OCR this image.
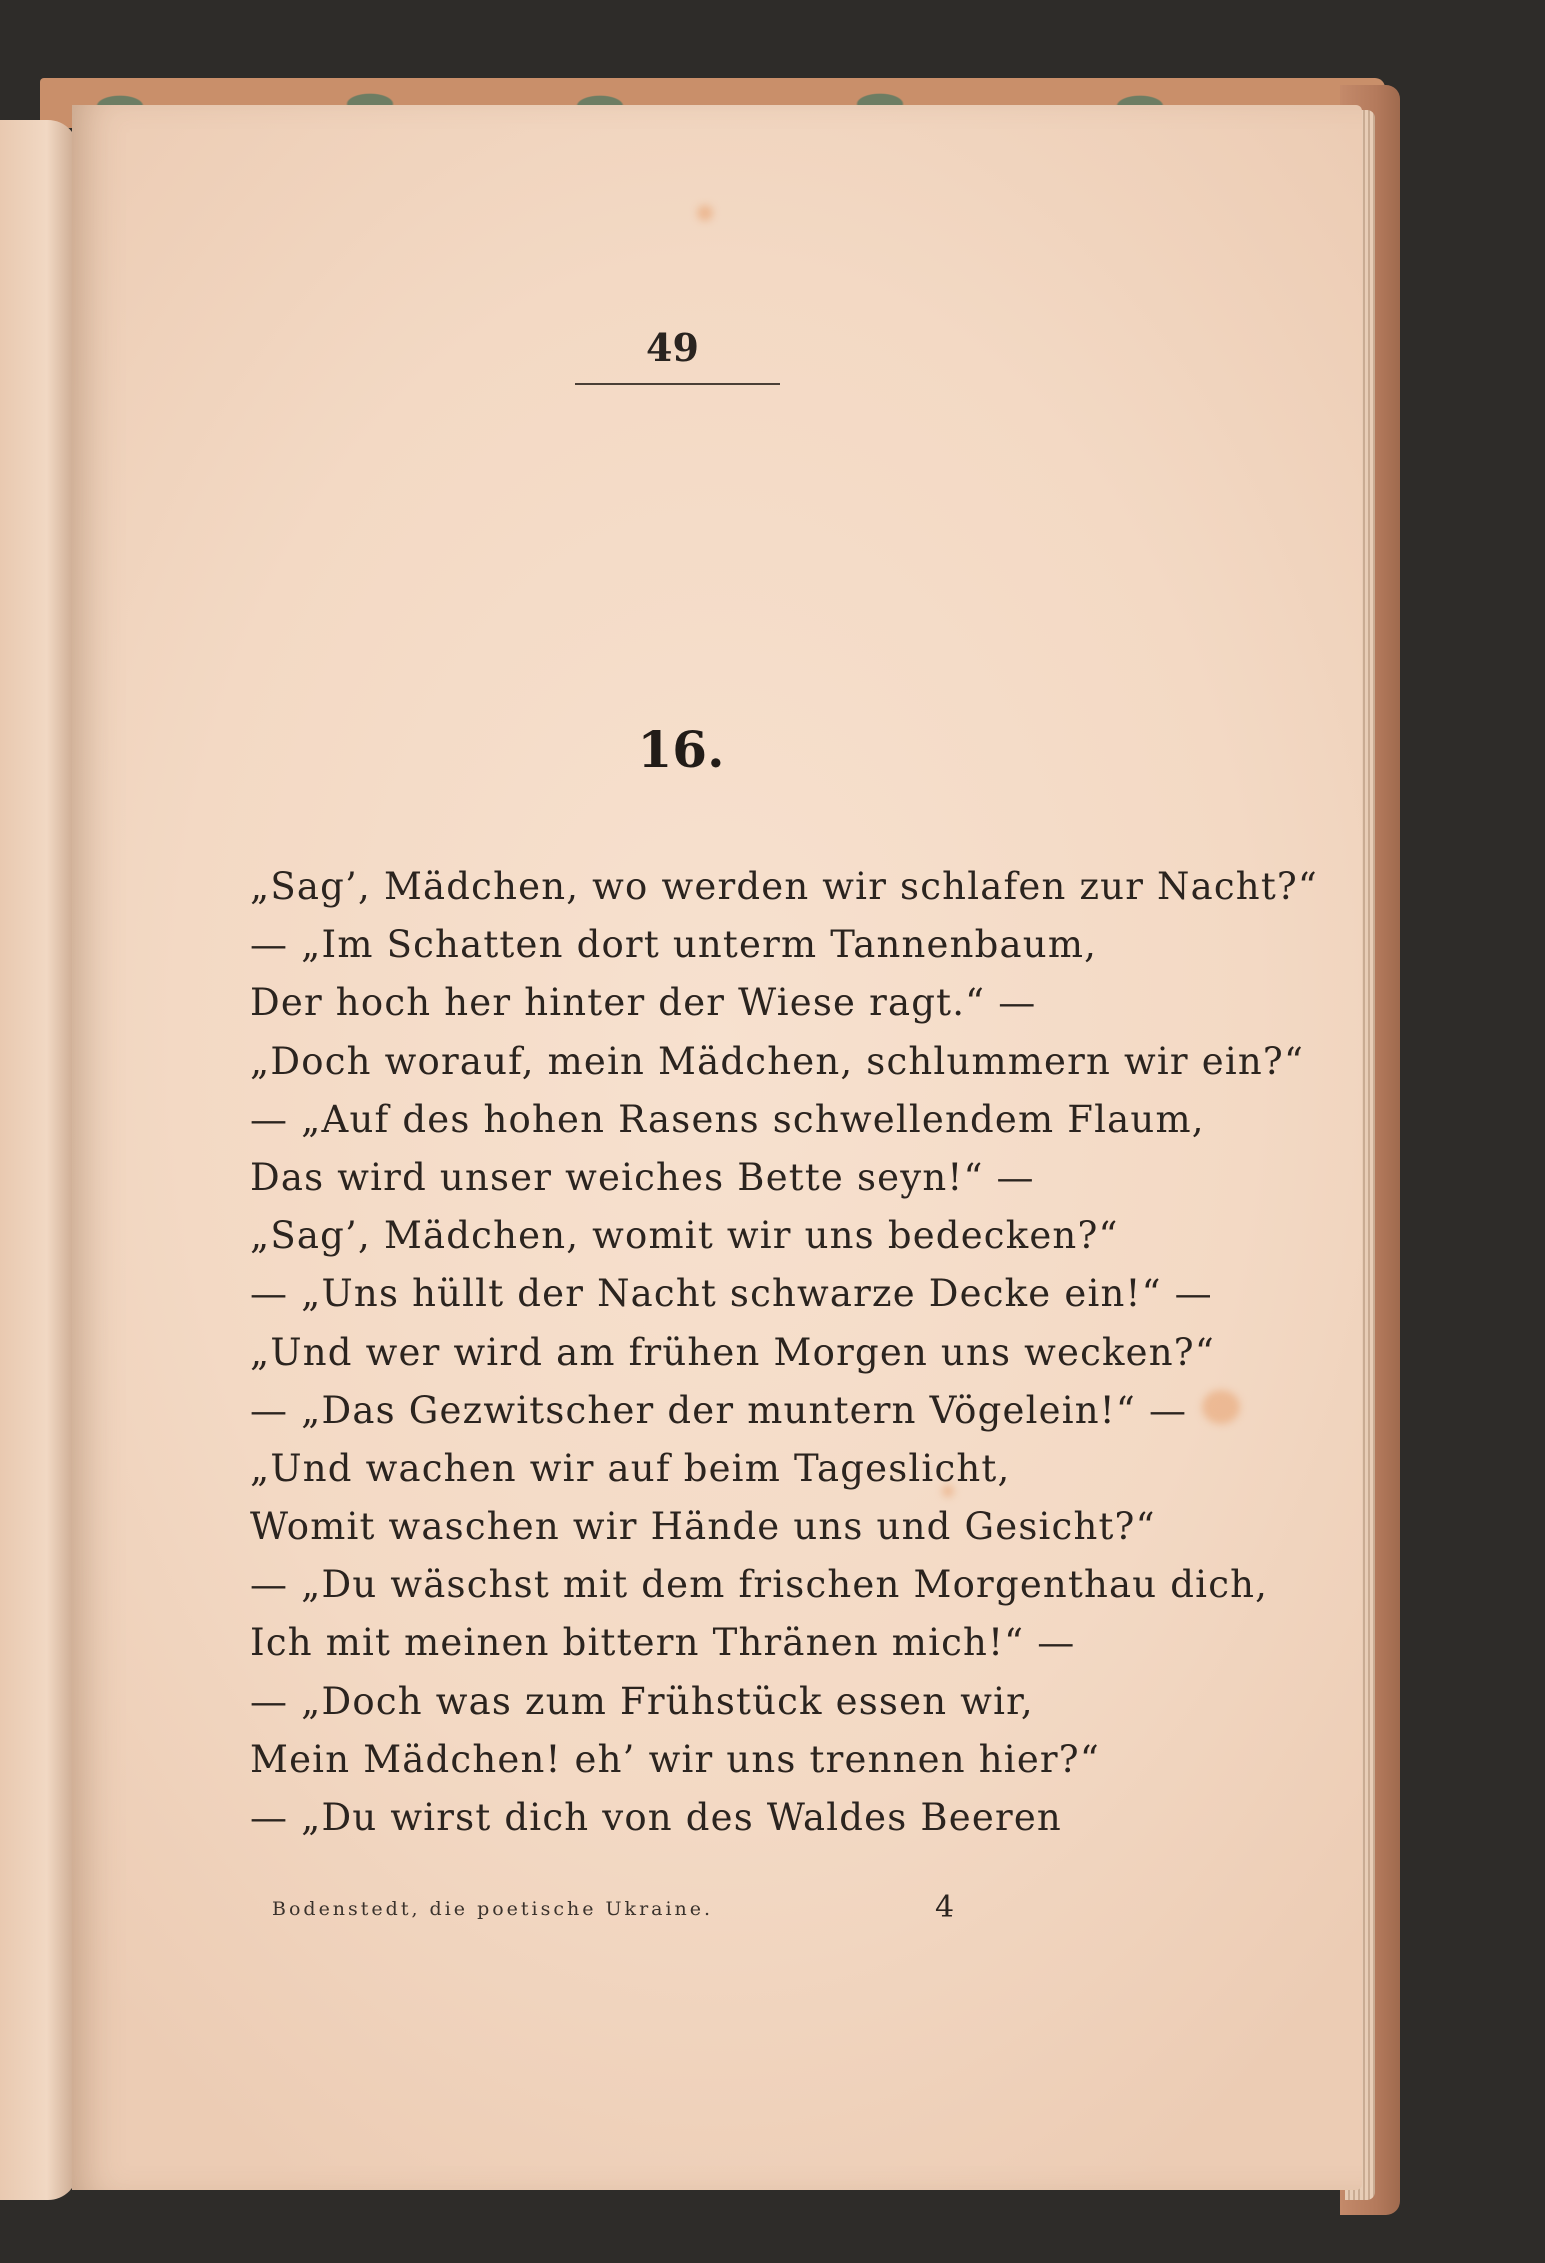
49
16.
„Sag’, Mädchen, wo werden wir schlafen zur Nacht?“
— „Im Schatten dort unterm Tannenbaum,
Der hoch her hinter der Wiese ragt.“ —
„Doch worauf, mein Mädchen, schlummern wir ein?“
— „Auf des hohen Rasens schwellendem Flaum,
Das wird unser weiches Bette seyn!“ —
„Sag’, Mädchen, womit wir uns bedecken?“
— „Uns hüllt der Nacht schwarze Decke ein!“ —
„Und wer wird am frühen Morgen uns wecken?“
— „Das Gezwitscher der muntern Vögelein!“ —
„Und wachen wir auf beim Tageslicht,
Womit waschen wir Hände uns und Gesicht?“
— „Du wäschst mit dem frischen Morgenthau dich,
Ich mit meinen bittern Thränen mich!“ —
— „Doch was zum Frühstück essen wir,
Mein Mädchen! eh’ wir uns trennen hier?“
— „Du wirst dich von des Waldes Beeren
Bodenstedt, die poetische Ukraine.	4
